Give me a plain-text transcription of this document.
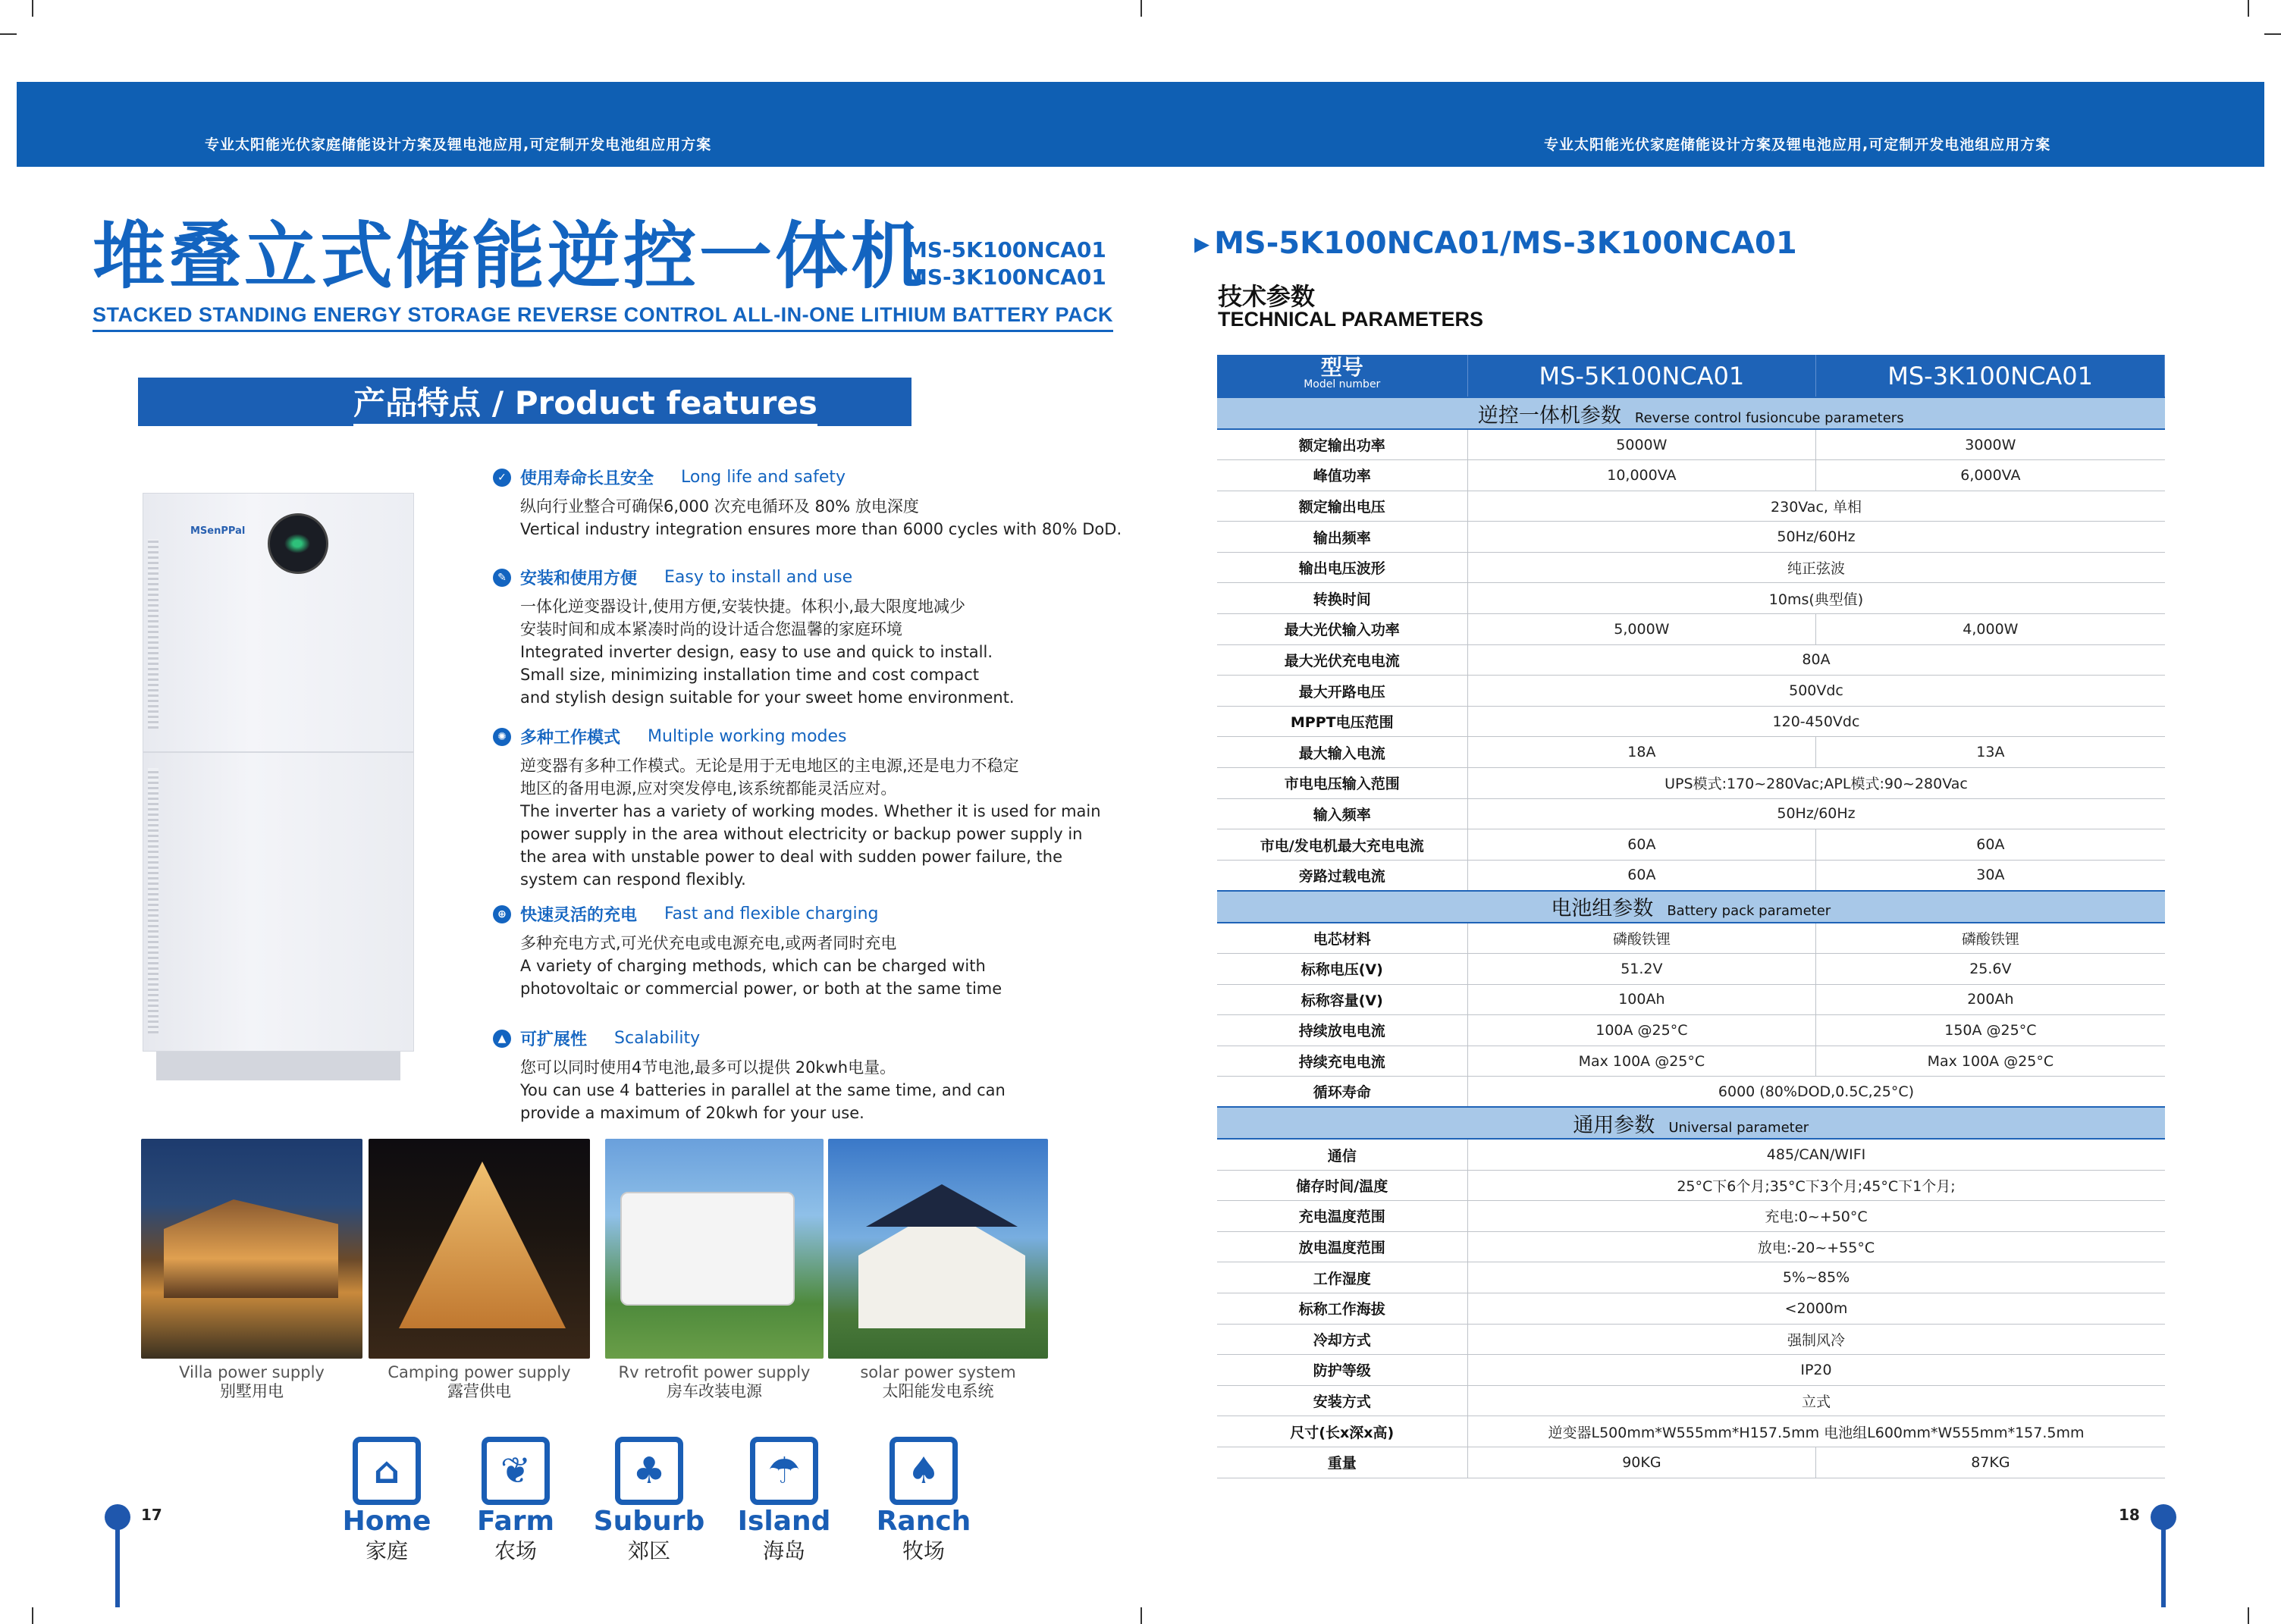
专业太阳能光伏家庭储能设计方案及锂电池应用,可定制开发电池组应用方案	专业太阳能光伏家庭储能设计方案及锂电池应用,可定制开发电池组应用方案
堆叠立式储能逆控一体机
MS-5K100NCA01
MS-3K100NCA01
STACKED STANDING ENERGY STORAGE REVERSE CONTROL ALL-IN-ONE LITHIUM BATTERY PACK
产品特点 / Product features
MSenPPal
✓ 使用寿命长且安全 Long life and safety

纵向行业整合可确保6,000 次充电循环及 80% 放电深度

Vertical industry integration ensures more than 6000 cycles with 80% DoD.

✎ 安装和使用方便 Easy to install and use

一体化逆变器设计,使用方便,安装快捷。体积小,最大限度地减少

安装时间和成本紧凑时尚的设计适合您温馨的家庭环境

Integrated inverter design, easy to use and quick to install.

Small size, minimizing installation time and cost compact

and stylish design suitable for your sweet home environment.

✺ 多种工作模式 Multiple working modes

逆变器有多种工作模式。无论是用于无电地区的主电源,还是电力不稳定

地区的备用电源,应对突发停电,该系统都能灵活应对。

The inverter has a variety of working modes. Whether it is used for main

power supply in the area without electricity or backup power supply in

the area with unstable power to deal with sudden power failure, the

system can respond flexibly.

⊕ 快速灵活的充电 Fast and flexible charging

多种充电方式,可光伏充电或电源充电,或两者同时充电

A variety of charging methods, which can be charged with

photovoltaic or commercial power, or both at the same time

▲ 可扩展性 Scalability

您可以同时使用4节电池,最多可以提供 20kwh电量。

You can use 4 batteries in parallel at the same time, and can

provide a maximum of 20kwh for your use.

Villa power supply
别墅用电
Camping power supply
露营供电
Rv retrofit power supply
房车改装电源
solar power system
太阳能发电系统
⌂
Home
家庭
❦
Farm
农场
♣
Suburb
郊区
☂
Island
海岛
♠
Ranch
牧场
17	18
▸ MS-5K100NCA01/MS-3K100NCA01
技术参数
TECHNICAL PARAMETERS
型号
Model number	MS-5K100NCA01	MS-3K100NCA01
逆控一体机参数 Reverse control fusioncube parameters		
额定输出功率	5000W	3000W
峰值功率	10,000VA	6,000VA
额定输出电压	230Vac, 单相	
输出频率	50Hz/60Hz	
输出电压波形	纯正弦波	
转换时间	10ms(典型值)	
最大光伏输入功率	5,000W	4,000W
最大光伏充电电流	80A	
最大开路电压	500Vdc	
MPPT电压范围	120-450Vdc	
最大输入电流	18A	13A
市电电压输入范围	UPS模式:170~280Vac;APL模式:90~280Vac	
输入频率	50Hz/60Hz	
市电/发电机最大充电电流	60A	60A
旁路过载电流	60A	30A
电池组参数 Battery pack parameter		
电芯材料	磷酸铁锂	磷酸铁锂
标称电压(V)	51.2V	25.6V
标称容量(V)	100Ah	200Ah
持续放电电流	100A @25°C	150A @25°C
持续充电电流	Max 100A @25°C	Max 100A @25°C
循环寿命	6000 (80%DOD,0.5C,25°C)	
通用参数 Universal parameter		
通信	485/CAN/WIFI	
储存时间/温度	25°C下6个月;35°C下3个月;45°C下1个月;	
充电温度范围	充电:0~+50°C	
放电温度范围	放电:-20~+55°C	
工作湿度	5%~85%	
标称工作海拔	<2000m	
冷却方式	强制风冷	
防护等级	IP20	
安装方式	立式	
尺寸(长x深x高)	逆变器L500mm*W555mm*H157.5mm 电池组L600mm*W555mm*157.5mm	
重量	90KG	87KG
